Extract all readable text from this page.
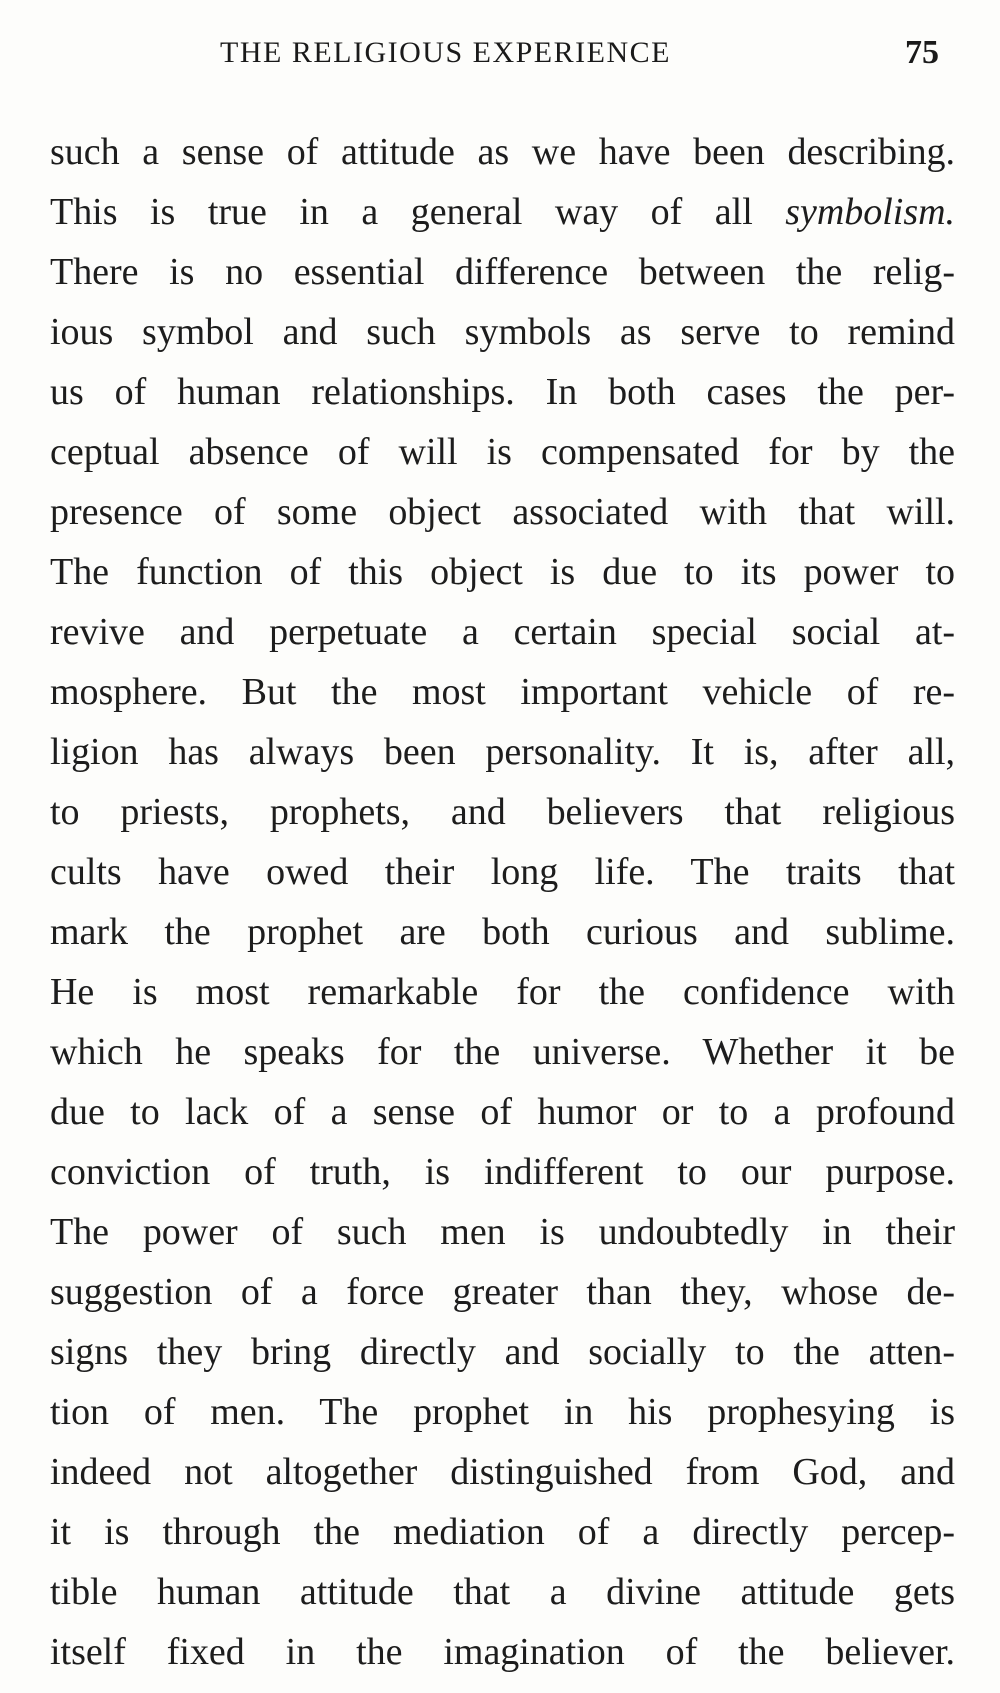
THE RELIGIOUS EXPERIENCE	75
such a sense of attitude as we have been describing.
This is true in a general way of all symbolism.
There is no essential difference between the relig-
ious symbol and such symbols as serve to remind
us of human relationships. In both cases the per-
ceptual absence of will is compensated for by the
presence of some object associated with that will.
The function of this object is due to its power to
revive and perpetuate a certain special social at-
mosphere. But the most important vehicle of re-
ligion has always been personality. It is, after all,
to priests, prophets, and believers that religious
cults have owed their long life. The traits that
mark the prophet are both curious and sublime.
He is most remarkable for the confidence with
which he speaks for the universe. Whether it be
due to lack of a sense of humor or to a profound
conviction of truth, is indifferent to our purpose.
The power of such men is undoubtedly in their
suggestion of a force greater than they, whose de-
signs they bring directly and socially to the atten-
tion of men. The prophet in his prophesying is
indeed not altogether distinguished from God, and
it is through the mediation of a directly percep-
tible human attitude that a divine attitude gets
itself fixed in the imagination of the believer.
